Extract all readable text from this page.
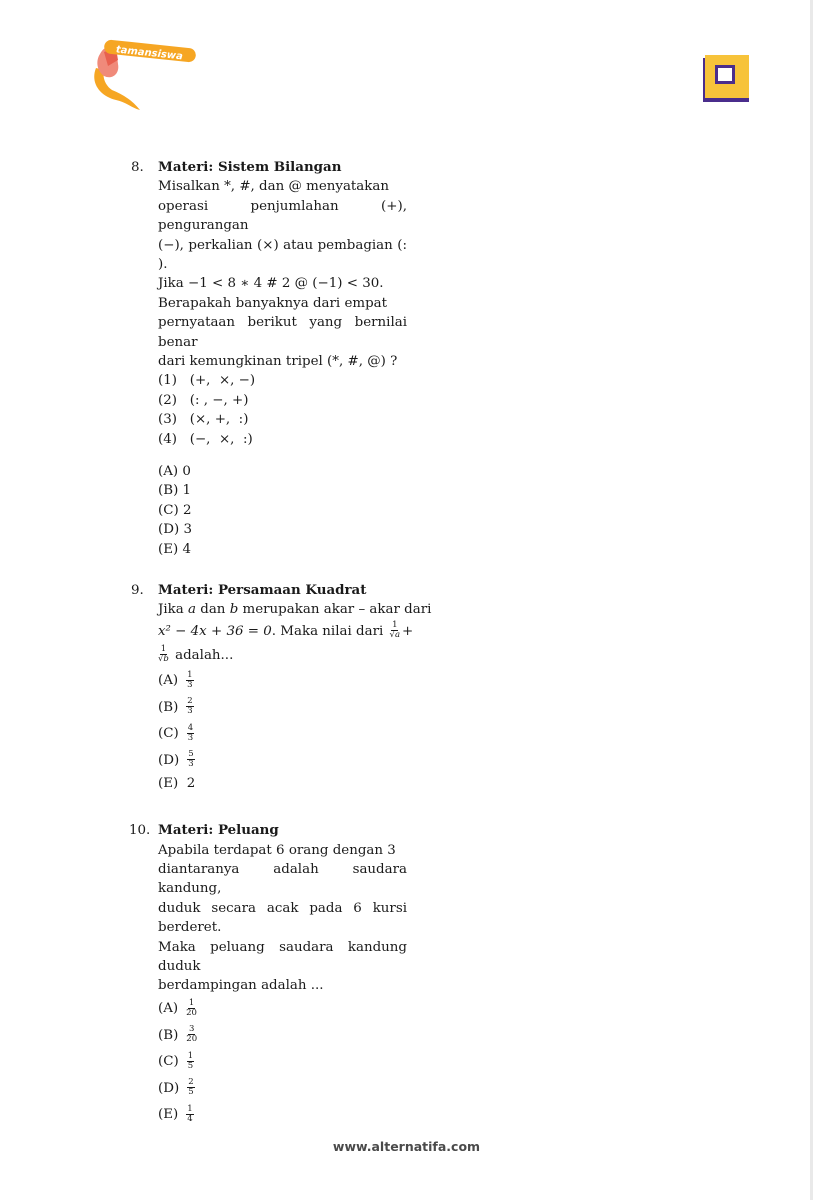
tamansiswa
8. Materi: Sistem Bilangan
Misalkan *, #, dan @ menyatakan
operasi penjumlahan (+), pengurangan
(−), perkalian (×) atau pembagian (: ).
Jika −1 < 8 ∗ 4 # 2 @ (−1) < 30.
Berapakah banyaknya dari empat
pernyataan berikut yang bernilai benar
dari kemungkinan tripel (*, #, @) ?
(1)   (+,  ×, −)
(2)   (: , −, +)
(3)   (×, +,  :)
(4)   (−,  ×,  :)
(A) 0
(B) 1
(C) 2
(D) 3
(E) 4
9. Materi: Persamaan Kuadrat
Jika a dan b merupakan akar – akar dari
x² − 4x + 36 = 0. Maka nilai dari $\frac{1}{√a}$ +
$\frac{1}{√b}$ adalah...
$(A) \frac{1}{3}$
$(B) \frac{2}{3}$
$(C) \frac{4}{3}$
$(D) \frac{5}{3}$
(E)  2
10. Materi: Peluang
Apabila terdapat 6 orang dengan 3
diantaranya adalah saudara kandung,
duduk secara acak pada 6 kursi berderet.
Maka peluang saudara kandung duduk
berdampingan adalah ...
$(A) \frac{1}{20}$
$(B) \frac{3}{20}$
$(C) \frac{1}{5}$
$(D) \frac{2}{5}$
$(E) \frac{1}{4}$
www.alternatifa.com
